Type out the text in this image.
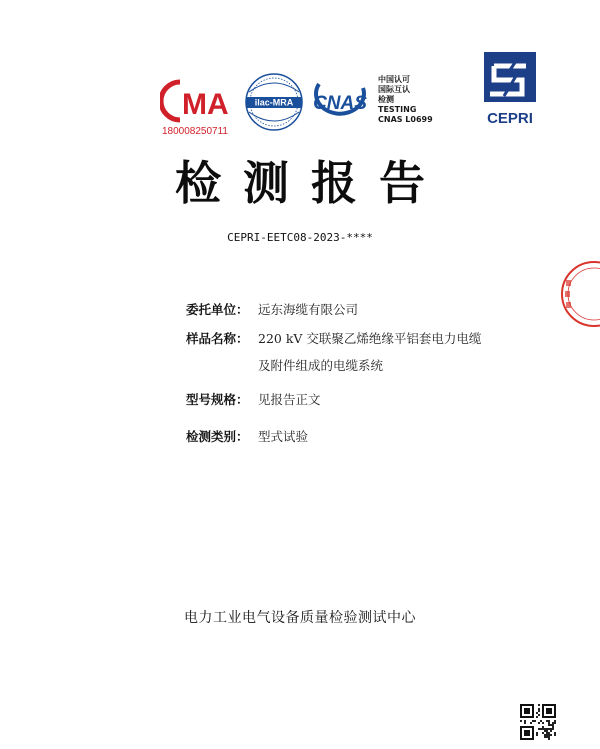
MA
180008250711
ilac-MRA CNAS
中国认可
国际互认
检测
TESTING
CNAS L0699	CEPRI
检测报告
CEPRI-EETC08-2023-****
委托单位： 远东海缆有限公司
样品名称： 220 kV 交联聚乙烯绝缘平铝套电力电缆
及附件组成的电缆系统
型号规格： 见报告正文
检测类别： 型式试验
电力工业电气设备质量检验测试中心
